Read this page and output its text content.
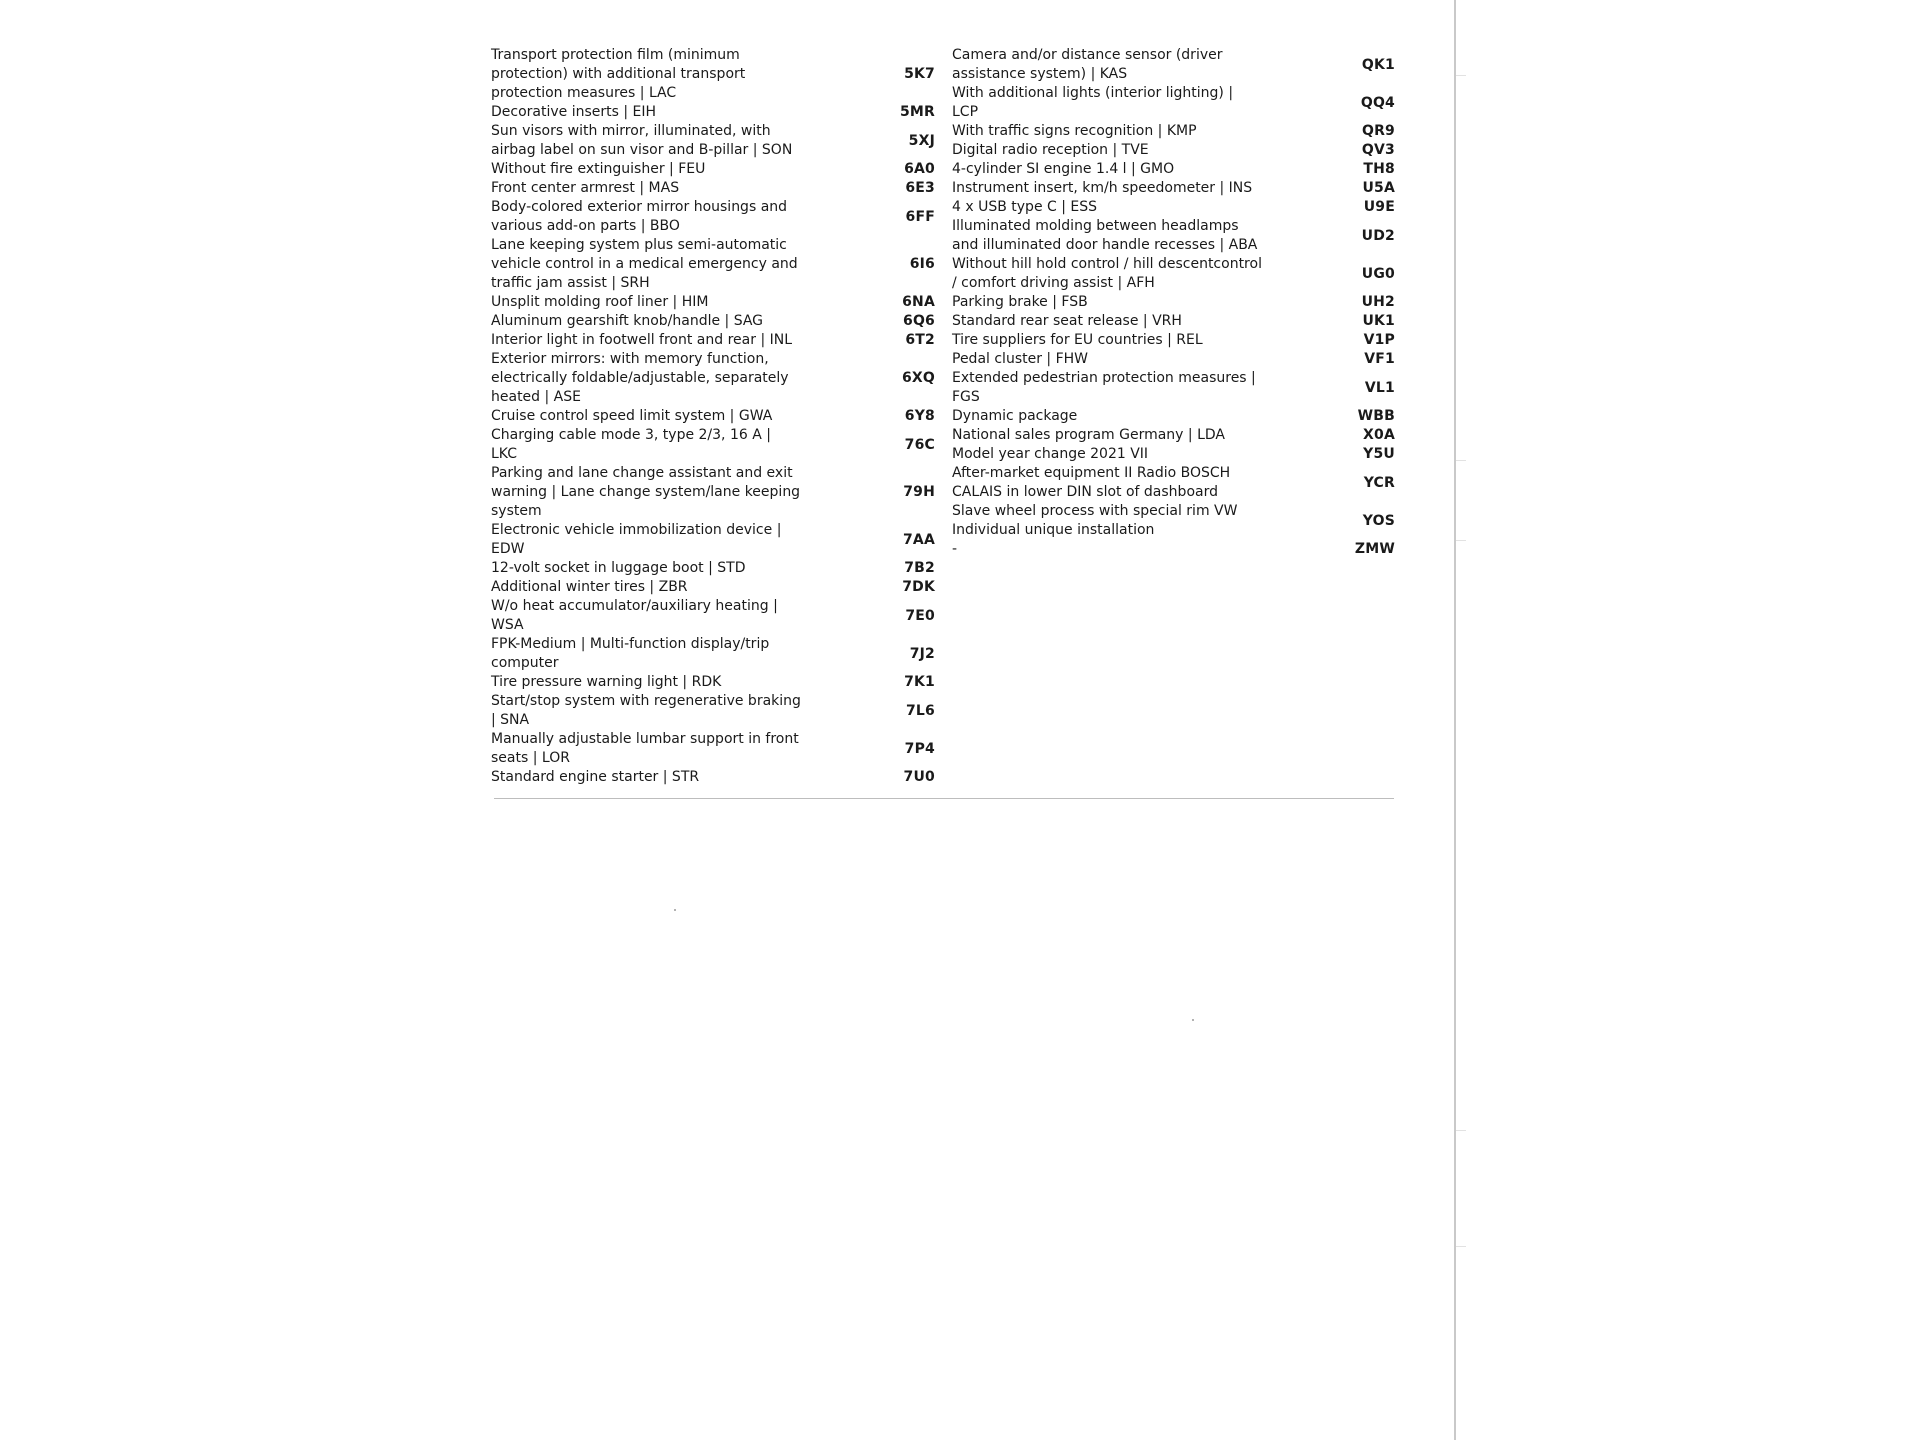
Transport protection film (minimum
protection) with additional transport
protection measures | LAC
5K7
Decorative inserts | EIH	5MR
Sun visors with mirror, illuminated, with
airbag label on sun visor and B-pillar | SON
5XJ
Without fire extinguisher | FEU	6A0
Front center armrest | MAS	6E3
Body-colored exterior mirror housings and
various add-on parts | BBO
6FF
Lane keeping system plus semi-automatic
vehicle control in a medical emergency and
traffic jam assist | SRH
6I6
Unsplit molding roof liner | HIM	6NA
Aluminum gearshift knob/handle | SAG	6Q6
Interior light in footwell front and rear | INL	6T2
Exterior mirrors: with memory function,
electrically foldable/adjustable, separately
heated | ASE
6XQ
Cruise control speed limit system | GWA	6Y8
Charging cable mode 3, type 2/3, 16 A |
LKC
76C
Parking and lane change assistant and exit
warning | Lane change system/lane keeping
system
79H
Electronic vehicle immobilization device |
EDW
7AA
12-volt socket in luggage boot | STD	7B2
Additional winter tires | ZBR	7DK
W/o heat accumulator/auxiliary heating |
WSA
7E0
FPK-Medium | Multi-function display/trip
computer
7J2
Tire pressure warning light | RDK	7K1
Start/stop system with regenerative braking
| SNA
7L6
Manually adjustable lumbar support in front
seats | LOR
7P4
Standard engine starter | STR	7U0
Camera and/or distance sensor (driver
assistance system) | KAS
QK1
With additional lights (interior lighting) |
LCP
QQ4
With traffic signs recognition | KMP	QR9
Digital radio reception | TVE	QV3
4-cylinder SI engine 1.4 l | GMO	TH8
Instrument insert, km/h speedometer | INS	U5A
4 x USB type C | ESS	U9E
Illuminated molding between headlamps
and illuminated door handle recesses | ABA
UD2
Without hill hold control / hill descentcontrol
/ comfort driving assist | AFH
UG0
Parking brake | FSB	UH2
Standard rear seat release | VRH	UK1
Tire suppliers for EU countries | REL	V1P
Pedal cluster | FHW	VF1
Extended pedestrian protection measures |
FGS
VL1
Dynamic package	WBB
National sales program Germany | LDA	X0A
Model year change 2021 VII	Y5U
After-market equipment II Radio BOSCH
CALAIS in lower DIN slot of dashboard
YCR
Slave wheel process with special rim VW
Individual unique installation
YOS
-	ZMW
